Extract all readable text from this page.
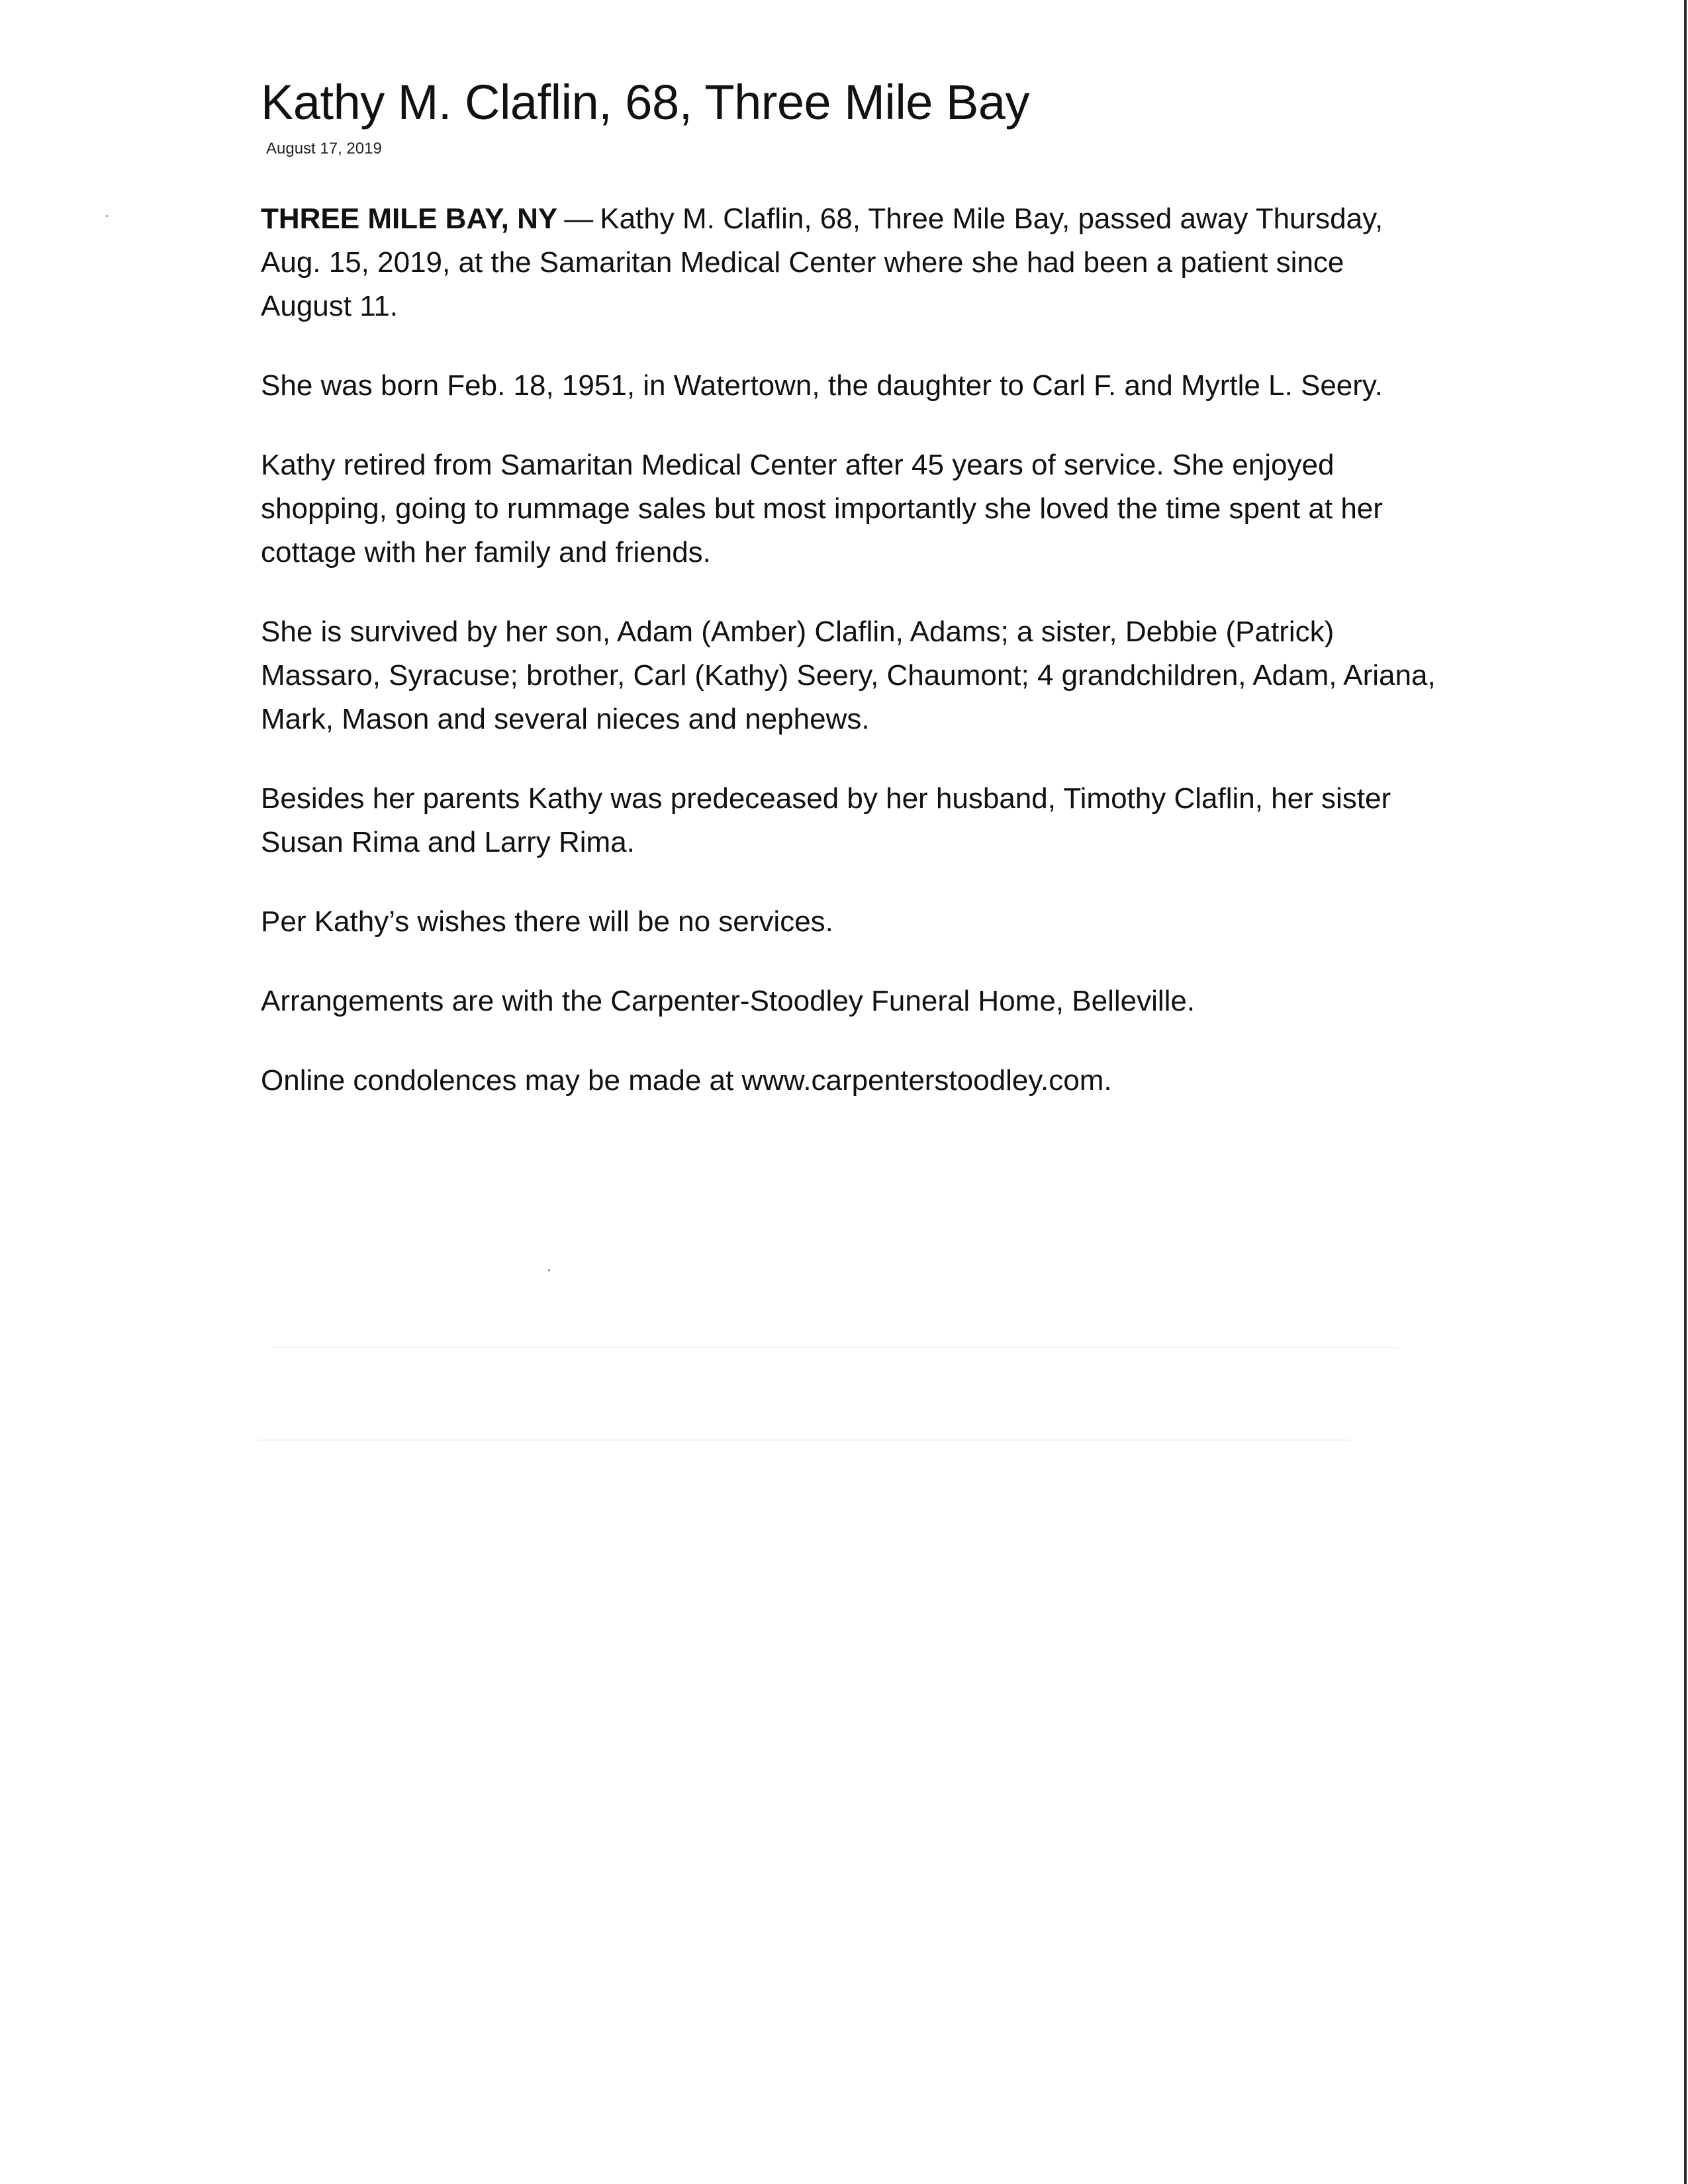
Kathy M. Claflin, 68, Three Mile Bay
August 17, 2019

THREE MILE BAY, NY — Kathy M. Claflin, 68, Three Mile Bay, passed away Thursday, Aug. 15, 2019, at the Samaritan Medical Center where she had been a patient since August 11.

She was born Feb. 18, 1951, in Watertown, the daughter to Carl F. and Myrtle L. Seery.

Kathy retired from Samaritan Medical Center after 45 years of service. She enjoyed shopping, going to rummage sales but most importantly she loved the time spent at her cottage with her family and friends.

She is survived by her son, Adam (Amber) Claflin, Adams; a sister, Debbie (Patrick) Massaro, Syracuse; brother, Carl (Kathy) Seery, Chaumont; 4 grandchildren, Adam, Ariana, Mark, Mason and several nieces and nephews.

Besides her parents Kathy was predeceased by her husband, Timothy Claflin, her sister Susan Rima and Larry Rima.

Per Kathy’s wishes there will be no services.

Arrangements are with the Carpenter-Stoodley Funeral Home, Belleville.

Online condolences may be made at www.carpenterstoodley.com.
